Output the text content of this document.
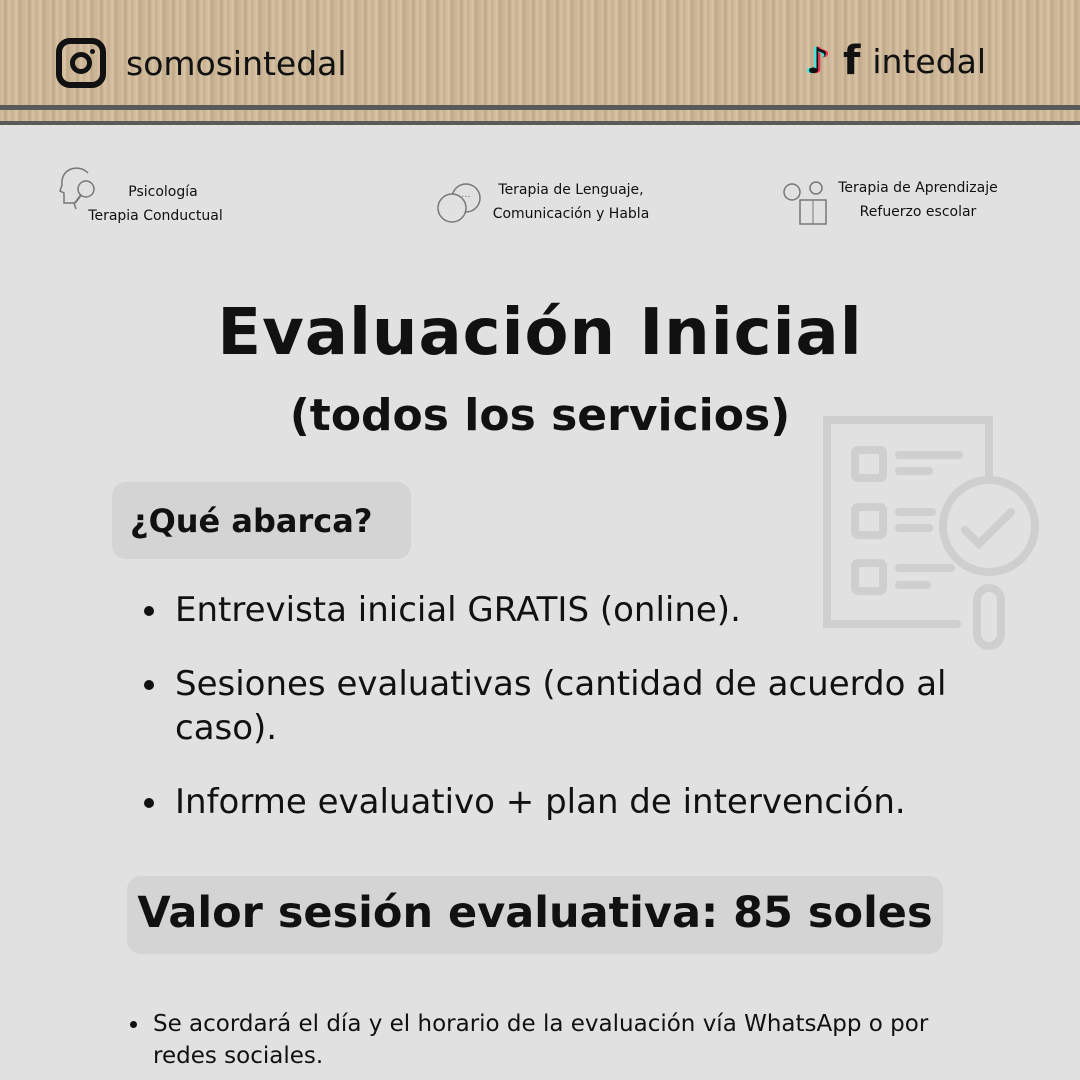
somosintedal	♪ f intedal
Psicología
Terapia Conductual
····	Terapia de Lenguaje,
Comunicación y Habla
Terapia de Aprendizaje
Refuerzo escolar
Evaluación Inicial
(todos los servicios)
¿Qué abarca?
Entrevista inicial GRATIS (online).
Sesiones evaluativas (cantidad de acuerdo al caso).
Informe evaluativo + plan de intervención.
Valor sesión evaluativa: 85 soles
Se acordará el día y el horario de la evaluación vía WhatsApp o por redes sociales.
